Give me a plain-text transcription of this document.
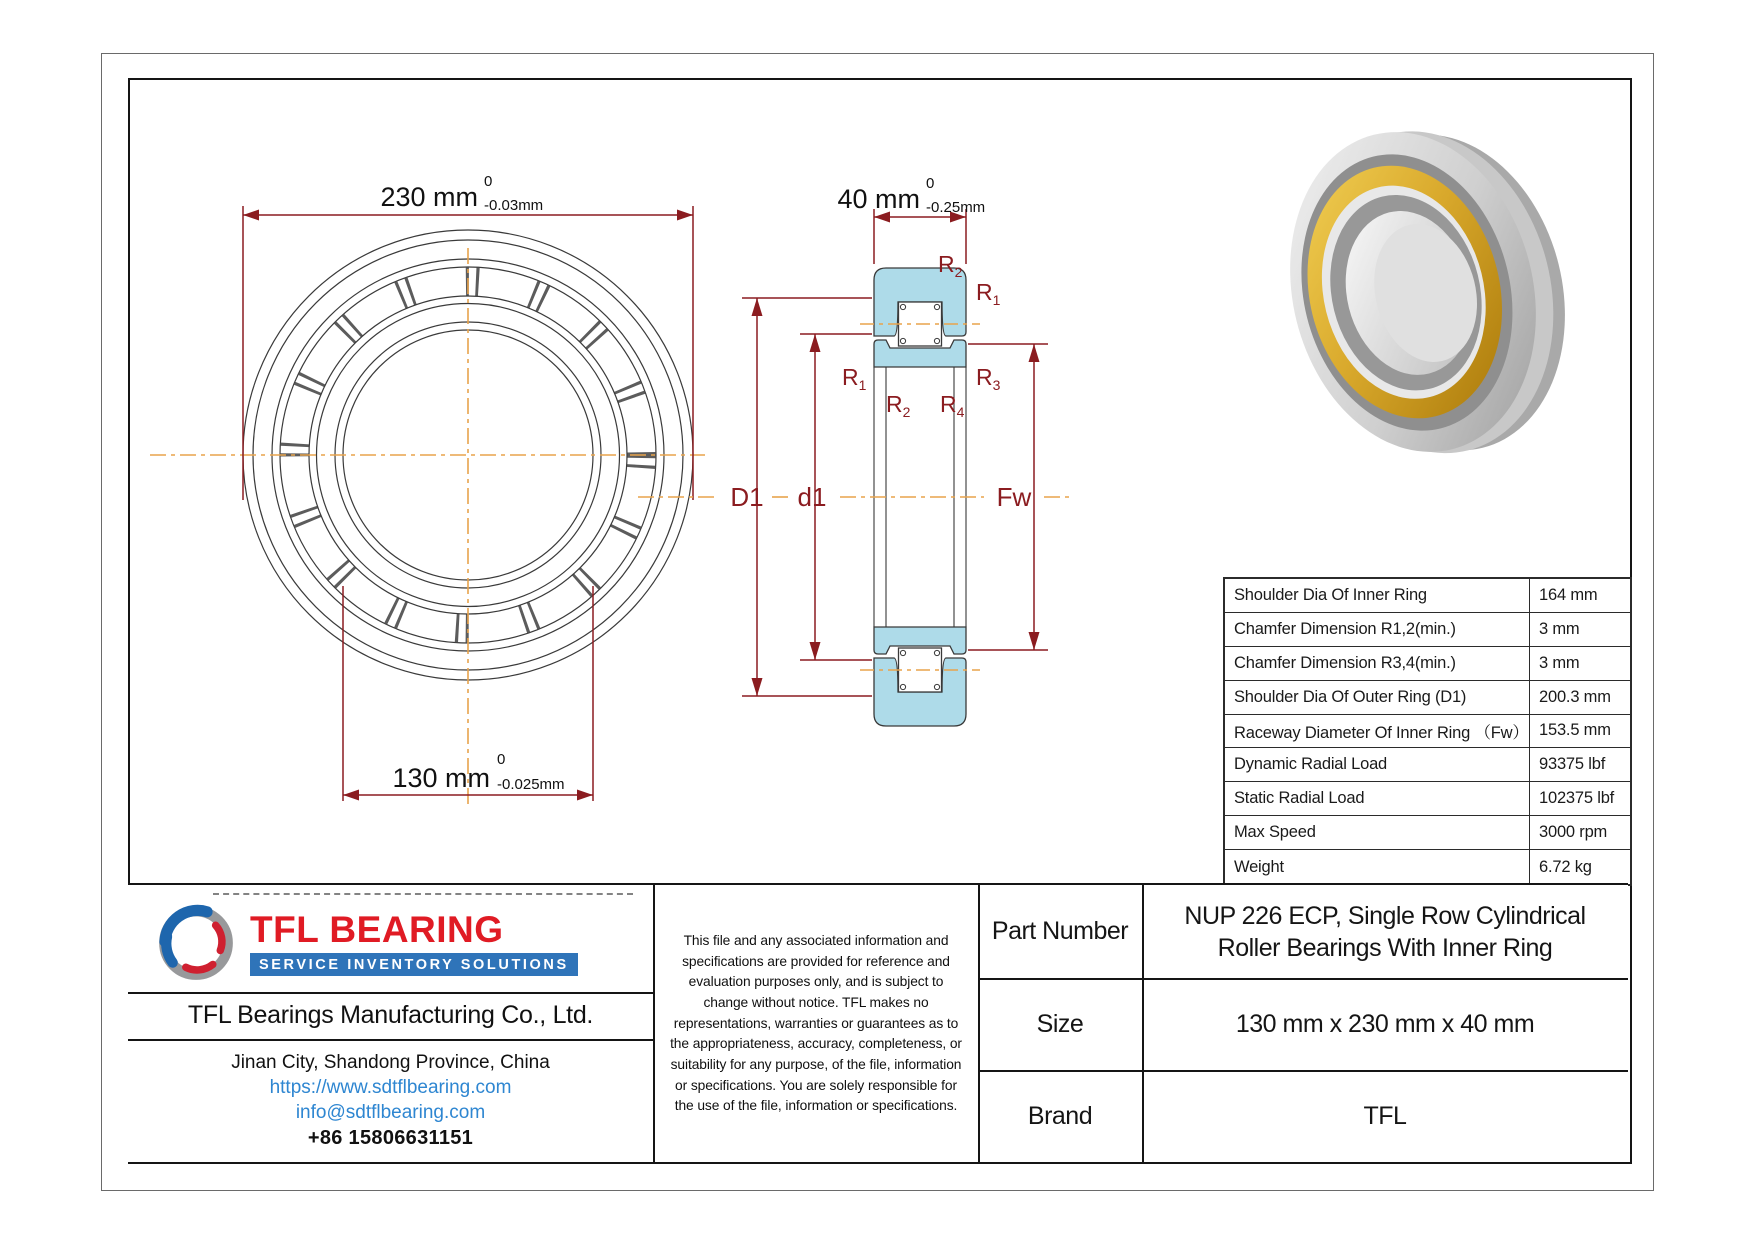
230 mm
0
-0.03mm
130 mm
0
-0.025mm
40 mm
0
-0.25mm
D1 d1	Fw
$R_2$
$R_1$
$R_1$
$R_2$
$R_3$
$R_4$
Shoulder Dia Of Inner Ring	164 mm
Chamfer Dimension R1,2(min.)	3 mm
Chamfer Dimension R3,4(min.)	3 mm
Shoulder Dia Of Outer Ring (D1)	200.3 mm
Raceway Diameter Of Inner Ring （Fw） 153.5 mm
Dynamic Radial Load	93375 lbf
Static Radial Load	102375 lbf
Max Speed	3000 rpm
Weight	6.72 kg
TFL BEARING
SERVICE INVENTORY SOLUTIONS
TFL Bearings Manufacturing Co., Ltd.
Jinan City, Shandong Province, China
https://www.sdtflbearing.com
info@sdtflbearing.com
+86 15806631151
This file and any associated information and specifications are provided for reference and evaluation purposes only, and is subject to change without notice. TFL makes no representations, warranties or guarantees as to the appropriateness, accuracy, completeness, or suitability for any purpose, of the file, information or specifications. You are solely responsible for the use of the file, information or specifications.
Part Number
NUP 226 ECP, Single Row Cylindrical Roller Bearings With Inner Ring
Size	130 mm x 230 mm x 40 mm
Brand	TFL
